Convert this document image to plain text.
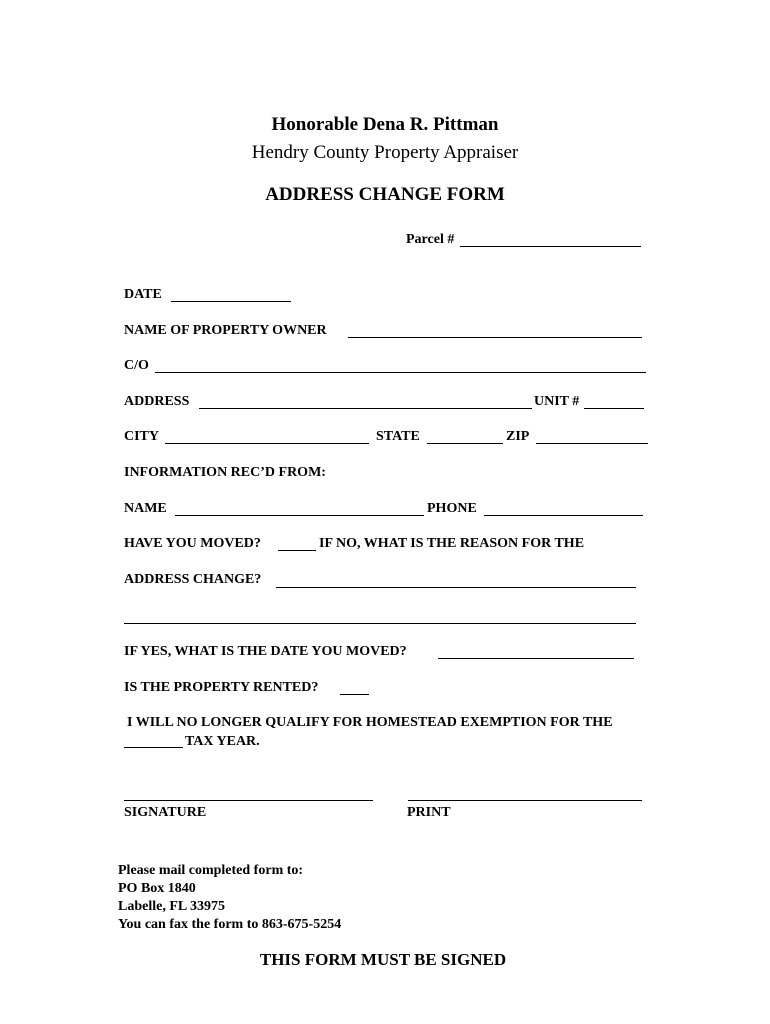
Honorable Dena R. Pittman
Hendry County Property Appraiser
ADDRESS CHANGE FORM
Parcel #
DATE
NAME OF PROPERTY OWNER
C/O
ADDRESS	UNIT #
CITY	STATE	ZIP
INFORMATION REC’D FROM:
NAME	PHONE
HAVE YOU MOVED?	IF NO, WHAT IS THE REASON FOR THE
ADDRESS CHANGE?
IF YES, WHAT IS THE DATE YOU MOVED?
IS THE PROPERTY RENTED?
I WILL NO LONGER QUALIFY FOR HOMESTEAD EXEMPTION FOR THE
TAX YEAR.
SIGNATURE	PRINT
Please mail completed form to:
PO Box 1840
Labelle, FL 33975
You can fax the form to 863-675-5254
THIS FORM MUST BE SIGNED
